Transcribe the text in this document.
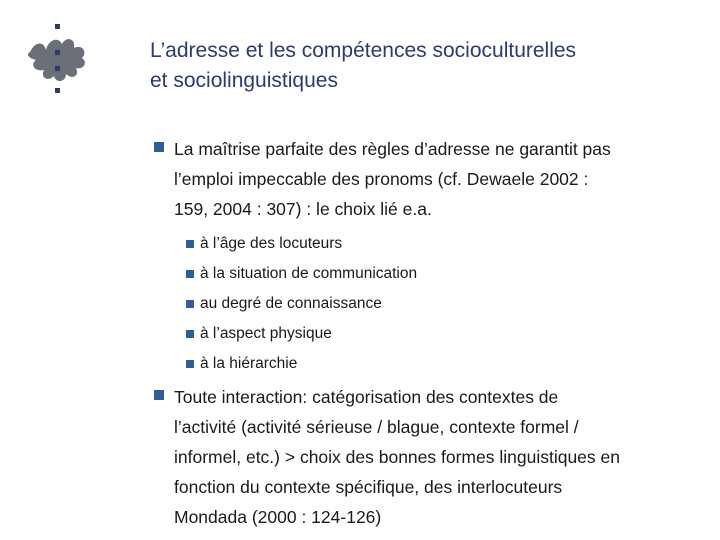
L’adresse et les compétences socioculturelles
et sociolinguistiques
La maîtrise parfaite des règles d’adresse ne garantit pas
l’emploi impeccable des pronoms (cf. Dewaele 2002 :
159, 2004 : 307) : le choix lié e.a.
à l’âge des locuteurs
à la situation de communication
au degré de connaissance
à l’aspect physique
à la hiérarchie
Toute interaction: catégorisation des contextes de
l’activité (activité sérieuse / blague, contexte formel /
informel, etc.) > choix des bonnes formes linguistiques en
fonction du contexte spécifique, des interlocuteurs
Mondada (2000 : 124-126)
